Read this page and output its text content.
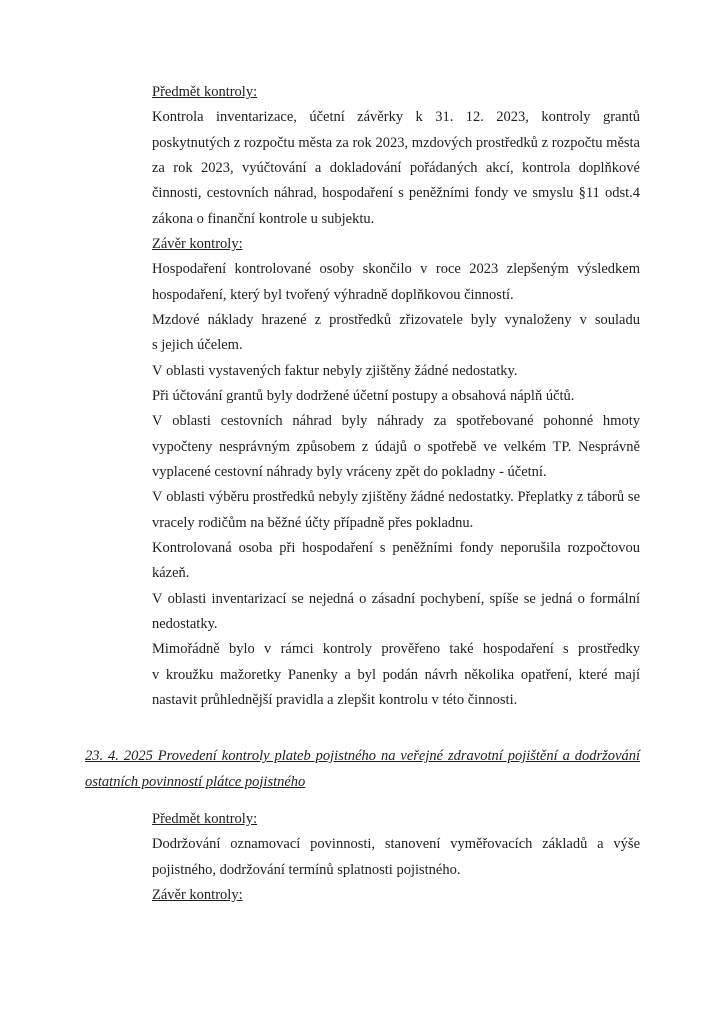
Předmět kontroly:

Kontrola inventarizace, účetní závěrky k 31. 12. 2023, kontroly grantů poskytnutých z rozpočtu města za rok 2023, mzdových prostředků z rozpočtu města za rok 2023, vyúčtování a dokladování pořádaných akcí, kontrola doplňkové činnosti, cestovních náhrad, hospodaření s peněžními fondy ve smyslu §11 odst.4 zákona o finanční kontrole u subjektu.

Závěr kontroly:

Hospodaření kontrolované osoby skončilo v roce 2023 zlepšeným výsledkem hospodaření, který byl tvořený výhradně doplňkovou činností.

Mzdové náklady hrazené z prostředků zřizovatele byly vynaloženy v souladu s jejich účelem.

V oblasti vystavených faktur nebyly zjištěny žádné nedostatky.

Při účtování grantů byly dodržené účetní postupy a obsahová náplň účtů.

V oblasti cestovních náhrad byly náhrady za spotřebované pohonné hmoty vypočteny nesprávným způsobem z údajů o spotřebě ve velkém TP. Nesprávně vyplacené cestovní náhrady byly vráceny zpět do pokladny - účetní.

V oblasti výběru prostředků nebyly zjištěny žádné nedostatky. Přeplatky z táborů se vracely rodičům na běžné účty případně přes pokladnu.

Kontrolovaná osoba při hospodaření s peněžními fondy neporušila rozpočtovou kázeň.

V oblasti inventarizací se nejedná o zásadní pochybení, spíše se jedná o formální nedostatky.

Mimořádně bylo v rámci kontroly prověřeno také hospodaření s prostředky v kroužku mažoretky Panenky a byl podán návrh několika opatření, které mají nastavit průhlednější pravidla a zlepšit kontrolu v této činnosti.

23. 4. 2025 Provedení kontroly plateb pojistného na veřejné zdravotní pojištění a dodržování ostatních povinností plátce pojistného

Předmět kontroly:

Dodržování oznamovací povinnosti, stanovení vyměřovacích základů a výše pojistného, dodržování termínů splatnosti pojistného.

Závěr kontroly:
